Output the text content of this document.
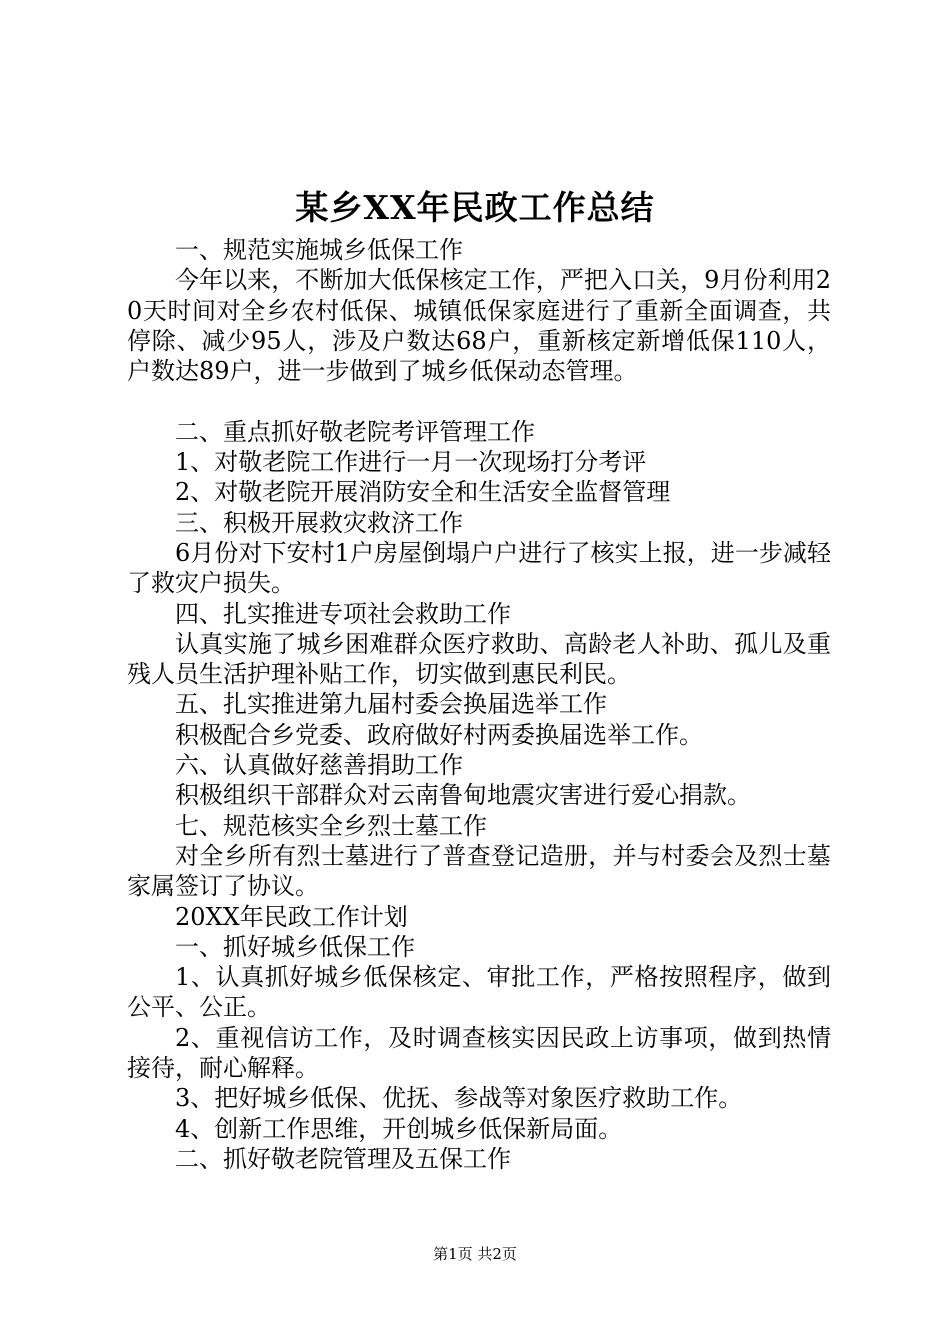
某乡XX年民政工作总结

一、规范实施城乡低保工作

今年以来，不断加大低保核定工作，严把入口关，9月份利用20天时间对全乡农村低保、城镇低保家庭进行了重新全面调查，共停除、减少95人，涉及户数达68户，重新核定新增低保110人，户数达89户，进一步做到了城乡低保动态管理。

二、重点抓好敬老院考评管理工作

1、对敬老院工作进行一月一次现场打分考评

2、对敬老院开展消防安全和生活安全监督管理

三、积极开展救灾救济工作

6月份对下安村1户房屋倒塌户户进行了核实上报，进一步减轻了救灾户损失。

四、扎实推进专项社会救助工作

认真实施了城乡困难群众医疗救助、高龄老人补助、孤儿及重残人员生活护理补贴工作，切实做到惠民利民。

五、扎实推进第九届村委会换届选举工作

积极配合乡党委、政府做好村两委换届选举工作。

六、认真做好慈善捐助工作

积极组织干部群众对云南鲁甸地震灾害进行爱心捐款。

七、规范核实全乡烈士墓工作

对全乡所有烈士墓进行了普查登记造册，并与村委会及烈士墓家属签订了协议。

20XX年民政工作计划

一、抓好城乡低保工作

1、认真抓好城乡低保核定、审批工作，严格按照程序，做到公平、公正。

2、重视信访工作，及时调查核实因民政上访事项，做到热情接待，耐心解释。

3、把好城乡低保、优抚、参战等对象医疗救助工作。

4、创新工作思维，开创城乡低保新局面。

二、抓好敬老院管理及五保工作

第1页 共2页
